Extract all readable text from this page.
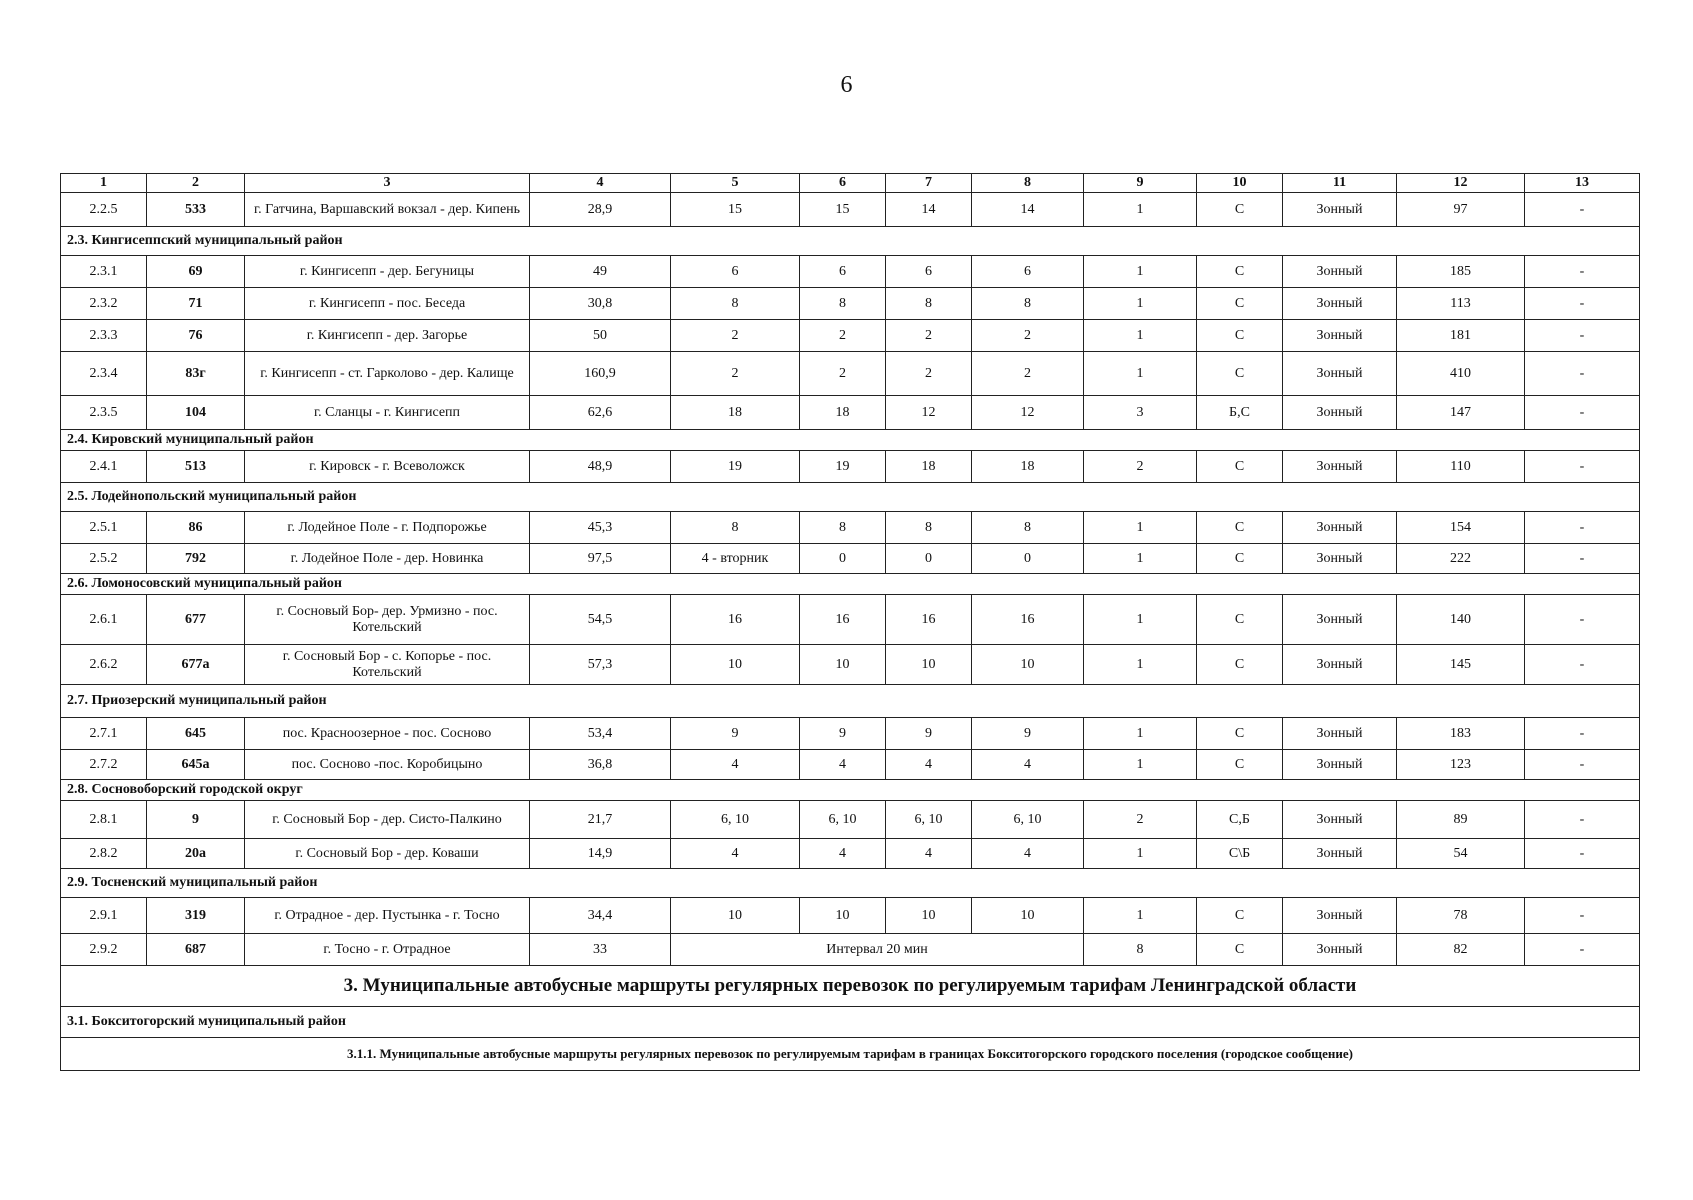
6
1	2	3	4	5	6	7	8	9	10	11	12	13
2.2.5	533	г. Гатчина, Варшавский вокзал - дер. Кипень	28,9	15	15	14	14	1	С	Зонный	97	-
2.3. Кингисеппский муниципальный район												
2.3.1	69	г. Кингисепп - дер. Бегуницы	49	6	6	6	6	1	С	Зонный	185	-
2.3.2	71	г. Кингисепп - пос. Беседа	30,8	8	8	8	8	1	С	Зонный	113	-
2.3.3	76	г. Кингисепп - дер. Загорье	50	2	2	2	2	1	С	Зонный	181	-
2.3.4	83г	г. Кингисепп - ст. Гарколово - дер. Калище	160,9	2	2	2	2	1	С	Зонный	410	-
2.3.5	104	г. Сланцы - г. Кингисепп	62,6	18	18	12	12	3	Б,С	Зонный	147	-
2.4. Кировский муниципальный район												
2.4.1	513	г. Кировск - г. Всеволожск	48,9	19	19	18	18	2	С	Зонный	110	-
2.5. Лодейнопольский муниципальный район												
2.5.1	86	г. Лодейное Поле - г. Подпорожье	45,3	8	8	8	8	1	С	Зонный	154	-
2.5.2	792	г. Лодейное Поле - дер. Новинка	97,5	4 - вторник	0	0	0	1	С	Зонный	222	-
2.6. Ломоносовский муниципальный район												
2.6.1	677	г. Сосновый Бор- дер. Урмизно - пос. Котельский	54,5	16	16	16	16	1	С	Зонный	140	-
2.6.2	677а	г. Сосновый Бор - с. Копорье - пос. Котельский	57,3	10	10	10	10	1	С	Зонный	145	-
2.7. Приозерский муниципальный район												
2.7.1	645	пос. Красноозерное - пос. Сосново	53,4	9	9	9	9	1	С	Зонный	183	-
2.7.2	645а	пос. Сосново -пос. Коробицыно	36,8	4	4	4	4	1	С	Зонный	123	-
2.8. Сосновоборский городской округ												
2.8.1	9	г. Сосновый Бор - дер. Систо-Палкино	21,7	6, 10	6, 10	6, 10	6, 10	2	С,Б	Зонный	89	-
2.8.2	20а	г. Сосновый Бор - дер. Коваши	14,9	4	4	4	4	1	С\Б	Зонный	54	-
2.9. Тосненский муниципальный район												
2.9.1	319	г. Отрадное - дер. Пустынка - г. Тосно	34,4	10	10	10	10	1	С	Зонный	78	-
2.9.2	687	г. Тосно - г. Отрадное	33	Интервал 20 мин				8	С	Зонный	82	-
3. Муниципальные автобусные маршруты регулярных перевозок по регулируемым тарифам Ленинградской области												
3.1. Бокситогорский муниципальный район												
3.1.1. Муниципальные автобусные маршруты регулярных перевозок по регулируемым тарифам в границах Бокситогорского городского поселения (городское сообщение)												
